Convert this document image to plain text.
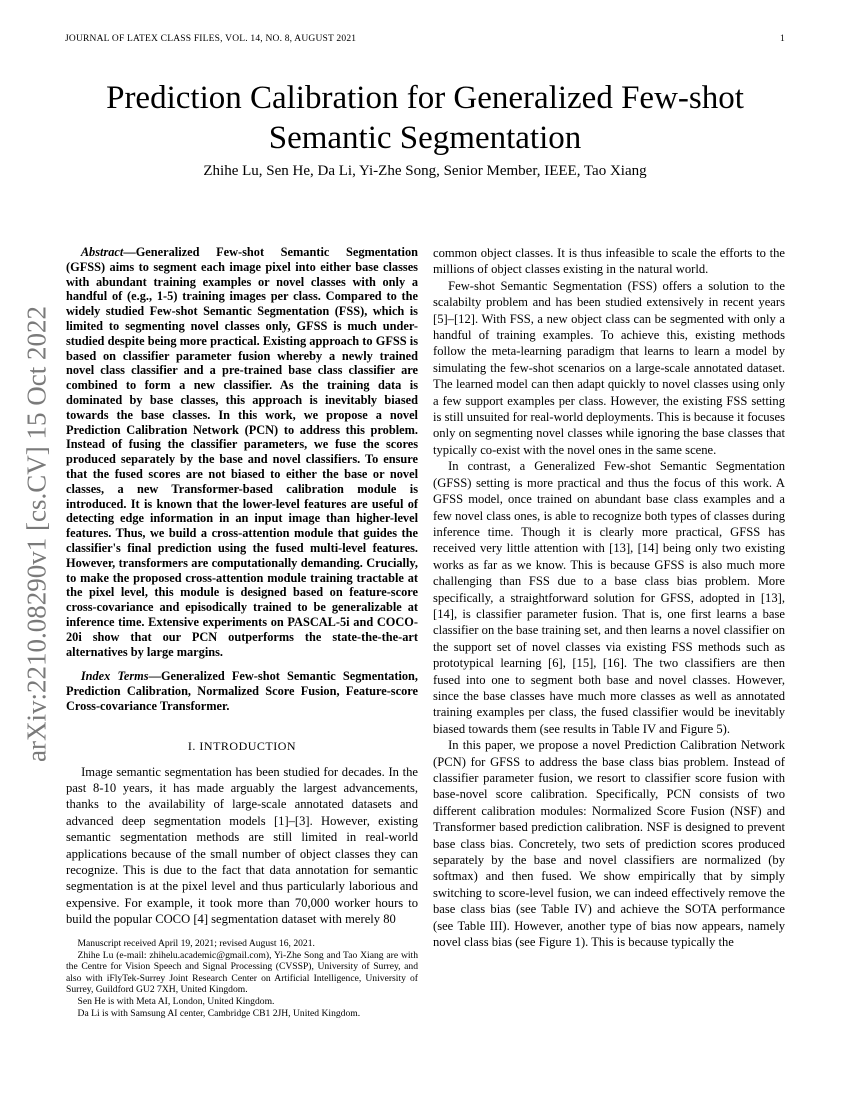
JOURNAL OF LATEX CLASS FILES, VOL. 14, NO. 8, AUGUST 2021	1
arXiv:2210.08290v1 [cs.CV] 15 Oct 2022
Prediction Calibration for Generalized Few-shot Semantic Segmentation
Zhihe Lu, Sen He, Da Li, Yi-Zhe Song, Senior Member, IEEE, Tao Xiang

Abstract—Generalized Few-shot Semantic Segmentation (GFSS) aims to segment each image pixel into either base classes with abundant training examples or novel classes with only a handful of (e.g., 1-5) training images per class. Compared to the widely studied Few-shot Semantic Segmentation (FSS), which is limited to segmenting novel classes only, GFSS is much under-studied despite being more practical. Existing approach to GFSS is based on classifier parameter fusion whereby a newly trained novel class classifier and a pre-trained base class classifier are combined to form a new classifier. As the training data is dominated by base classes, this approach is inevitably biased towards the base classes. In this work, we propose a novel Prediction Calibration Network (PCN) to address this problem. Instead of fusing the classifier parameters, we fuse the scores produced separately by the base and novel classifiers. To ensure that the fused scores are not biased to either the base or novel classes, a new Transformer-based calibration module is introduced. It is known that the lower-level features are useful of detecting edge information in an input image than higher-level features. Thus, we build a cross-attention module that guides the classifier's final prediction using the fused multi-level features. However, transformers are computationally demanding. Crucially, to make the proposed cross-attention module training tractable at the pixel level, this module is designed based on feature-score cross-covariance and episodically trained to be generalizable at inference time. Extensive experiments on PASCAL-5i and COCO-20i show that our PCN outperforms the state-the-the-art alternatives by large margins.

Index Terms—Generalized Few-shot Semantic Segmentation, Prediction Calibration, Normalized Score Fusion, Feature-score Cross-covariance Transformer.

I. INTRODUCTION

Image semantic segmentation has been studied for decades. In the past 8-10 years, it has made arguably the largest advancements, thanks to the availability of large-scale annotated datasets and advanced deep segmentation models [1]–[3]. However, existing semantic segmentation methods are still limited in real-world applications because of the small number of object classes they can recognize. This is due to the fact that data annotation for semantic segmentation is at the pixel level and thus particularly laborious and expensive. For example, it took more than 70,000 worker hours to build the popular COCO [4] segmentation dataset with merely 80

Manuscript received April 19, 2021; revised August 16, 2021.

Zhihe Lu (e-mail: zhihelu.academic@gmail.com), Yi-Zhe Song and Tao Xiang are with the Centre for Vision Speech and Signal Processing (CVSSP), University of Surrey, and also with iFlyTek-Surrey Joint Research Center on Artificial Intelligence, University of Surrey, Guildford GU2 7XH, United Kingdom.

Sen He is with Meta AI, London, United Kingdom.

Da Li is with Samsung AI center, Cambridge CB1 2JH, United Kingdom.

common object classes. It is thus infeasible to scale the efforts to the millions of object classes existing in the natural world.

Few-shot Semantic Segmentation (FSS) offers a solution to the scalabilty problem and has been studied extensively in recent years [5]–[12]. With FSS, a new object class can be segmented with only a handful of training examples. To achieve this, existing methods follow the meta-learning paradigm that learns to learn a model by simulating the few-shot scenarios on a large-scale annotated dataset. The learned model can then adapt quickly to novel classes using only a few support examples per class. However, the existing FSS setting is still unsuited for real-world deployments. This is because it focuses only on segmenting novel classes while ignoring the base classes that typically co-exist with the novel ones in the same scene.

In contrast, a Generalized Few-shot Semantic Segmentation (GFSS) setting is more practical and thus the focus of this work. A GFSS model, once trained on abundant base class examples and a few novel class ones, is able to recognize both types of classes during inference time. Though it is clearly more practical, GFSS has received very little attention with [13], [14] being only two existing works as far as we know. This is because GFSS is also much more challenging than FSS due to a base class bias problem. More specifically, a straightforward solution for GFSS, adopted in [13], [14], is classifier parameter fusion. That is, one first learns a base classifier on the base training set, and then learns a novel classifier on the support set of novel classes via existing FSS methods such as prototypical learning [6], [15], [16]. The two classifiers are then fused into one to segment both base and novel classes. However, since the base classes have much more classes as well as annotated training examples per class, the fused classifier would be inevitably biased towards them (see results in Table IV and Figure 5).

In this paper, we propose a novel Prediction Calibration Network (PCN) for GFSS to address the base class bias problem. Instead of classifier parameter fusion, we resort to classifier score fusion with base-novel score calibration. Specifically, PCN consists of two different calibration modules: Normalized Score Fusion (NSF) and Transformer based prediction calibration. NSF is designed to prevent base class bias. Concretely, two sets of prediction scores produced separately by the base and novel classifiers are normalized (by softmax) and then fused. We show empirically that by simply switching to score-level fusion, we can indeed effectively remove the base class bias (see Table IV) and achieve the SOTA performance (see Table III). However, another type of bias now appears, namely novel class bias (see Figure 1). This is because typically the
